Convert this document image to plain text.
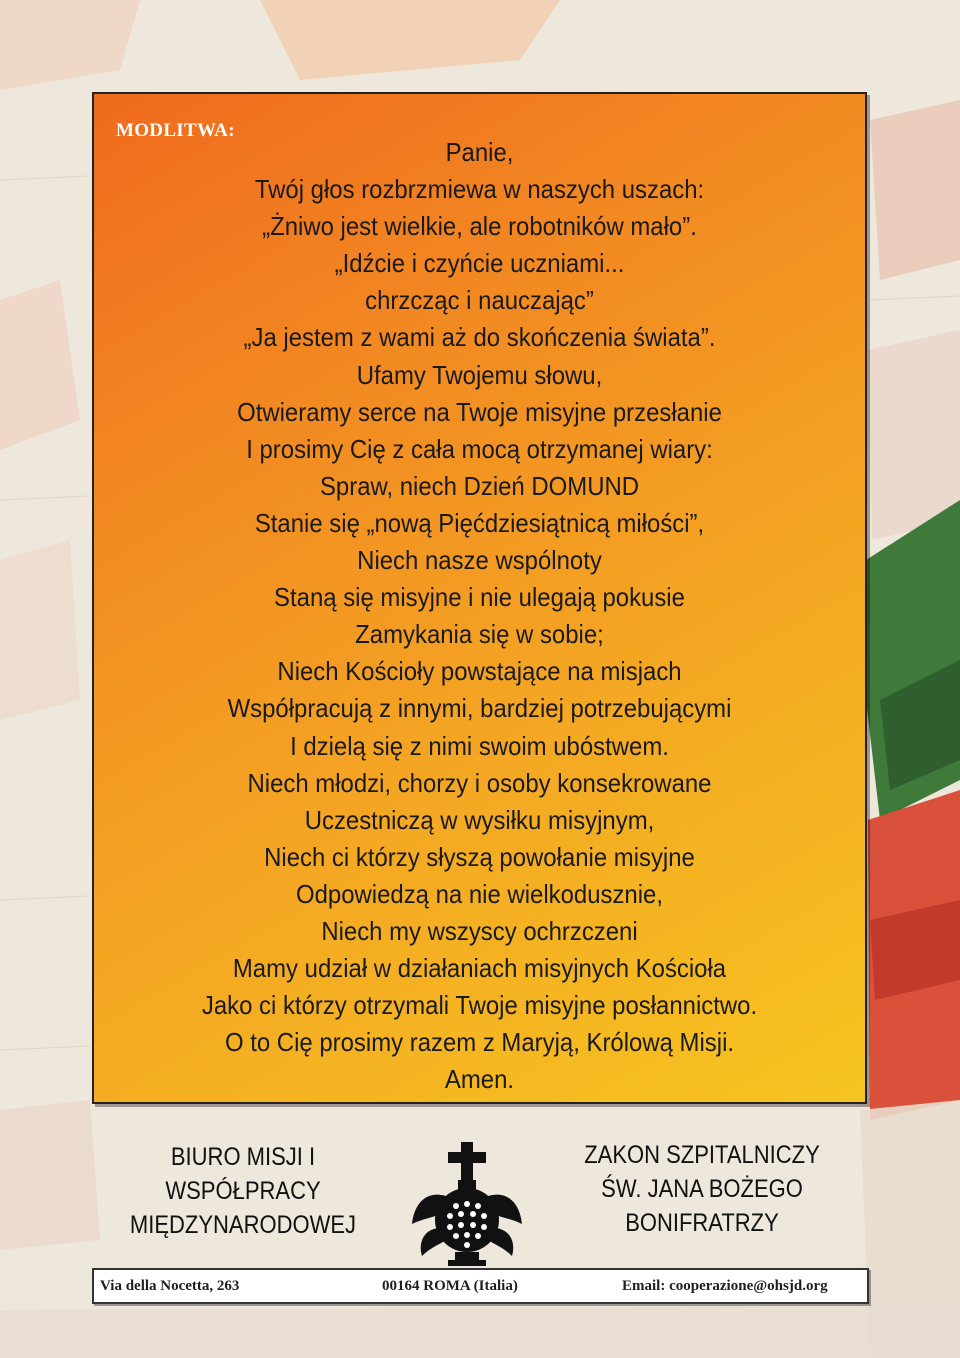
MODLITWA:
Panie,
Twój głos rozbrzmiewa w naszych uszach:
„Żniwo jest wielkie, ale robotników mało”.
„Idźcie i czyńcie uczniami...
chrzcząc i nauczając”
„Ja jestem z wami aż do skończenia świata”.
Ufamy Twojemu słowu,
Otwieramy serce na Twoje misyjne przesłanie
I prosimy Cię z cała mocą otrzymanej wiary:
Spraw, niech Dzień DOMUND
Stanie się „nową Pięćdziesiątnicą miłości”,
Niech nasze wspólnoty
Staną się misyjne i nie ulegają pokusie
Zamykania się w sobie;
Niech Kościoły powstające na misjach
Współpracują z innymi, bardziej potrzebującymi
I dzielą się z nimi swoim ubóstwem.
Niech młodzi, chorzy i osoby konsekrowane
Uczestniczą w wysiłku misyjnym,
Niech ci którzy słyszą powołanie misyjne
Odpowiedzą na nie wielkodusznie,
Niech my wszyscy ochrzczeni
Mamy udział w działaniach misyjnych Kościoła
Jako ci którzy otrzymali Twoje misyjne posłannictwo.
O to Cię prosimy razem z Maryją, Królową Misji.
Amen.
BIURO MISJI I
WSPÓŁPRACY
MIĘDZYNARODOWEJ
ZAKON SZPITALNICZY
ŚW. JANA BOŻEGO
BONIFRATRZY
Via della Nocetta, 263	00164 ROMA (Italia)	Email: cooperazione@ohsjd.org
